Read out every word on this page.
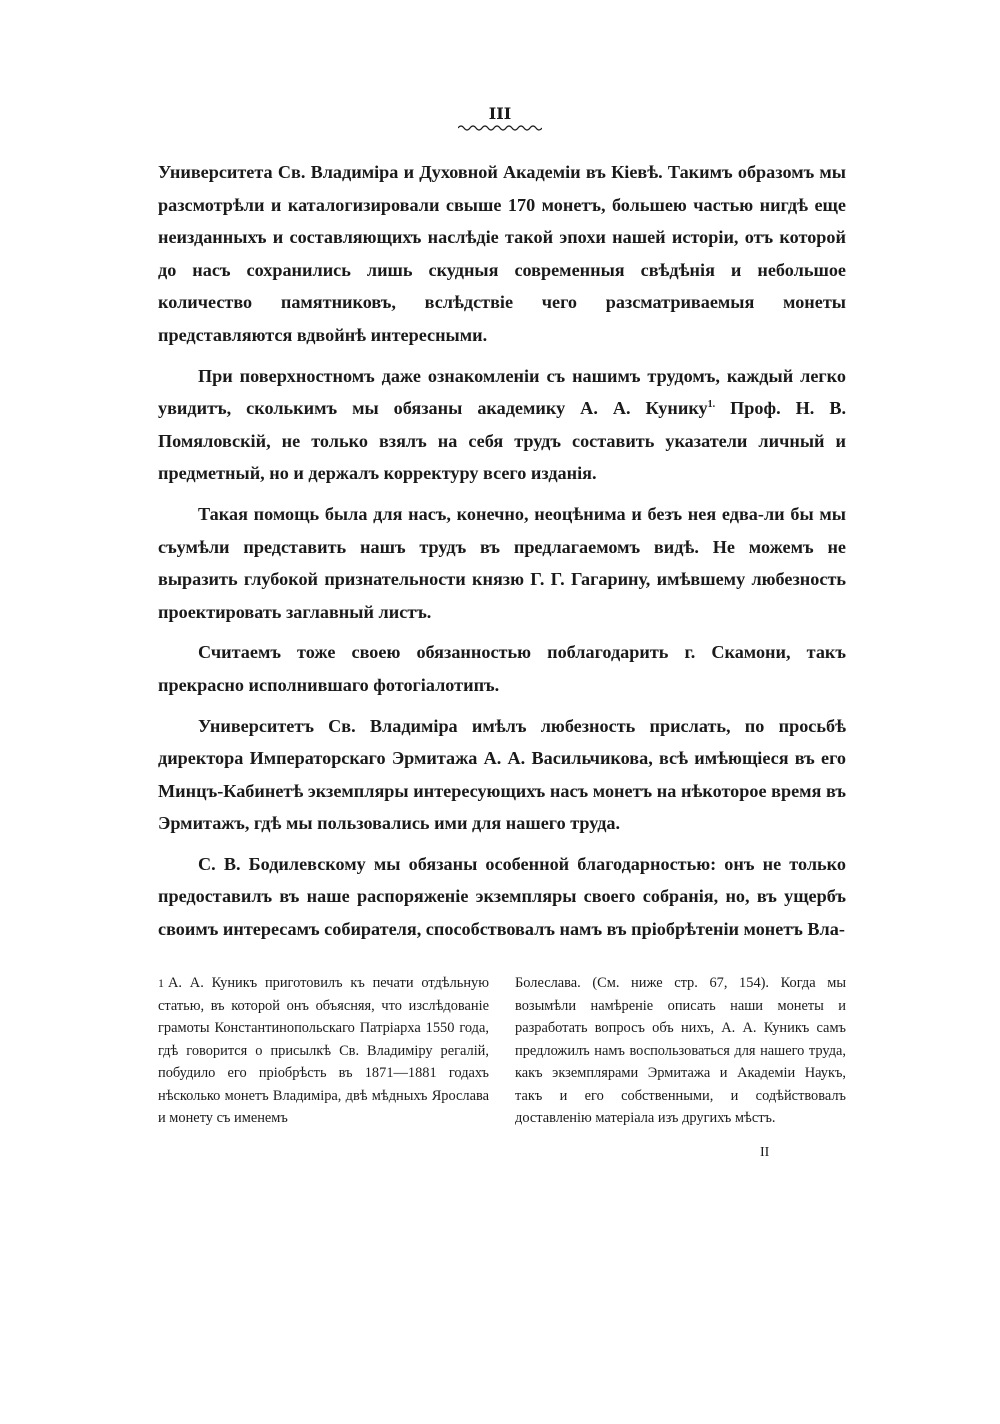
III

Университета Св. Владиміра и Духовной Академіи въ Кіевѣ. Такимъ образомъ мы разсмотрѣли и каталогизировали свыше 170 монетъ, большею частью нигдѣ еще неизданныхъ и составляющихъ наслѣдіе такой эпохи нашей исторіи, отъ которой до насъ сохранились лишь скудныя современныя свѣдѣнія и небольшое количество памятниковъ, вслѣдствіе чего разсматриваемыя монеты представляются вдвойнѣ интересными.

При поверхностномъ даже ознакомленіи съ нашимъ трудомъ, каждый легко увидитъ, сколькимъ мы обязаны академику А. А. Кунику$^{1.}$ Проф. Н. В. Помяловскій, не только взялъ на себя трудъ составить указатели личный и предметный, но и держалъ корректуру всего изданія.

Такая помощь была для насъ, конечно, неоцѣнима и безъ нея едва-ли бы мы съумѣли представить нашъ трудъ въ предлагаемомъ видѣ. Не можемъ не выразить глубокой признательности князю Г. Г. Гагарину, имѣвшему любезность проектировать заглавный листъ.

Считаемъ тоже своею обязанностью поблагодарить г. Скамони, такъ прекрасно исполнившаго фотогіалотипъ.

Университетъ Св. Владиміра имѣлъ любезность прислать, по просьбѣ директора Императорскаго Эрмитажа А. А. Васильчикова, всѣ имѣющіеся въ его Минцъ-Кабинетѣ экземпляры интересующихъ насъ монетъ на нѣкоторое время въ Эрмитажъ, гдѣ мы пользовались ими для нашего труда.

С. В. Бодилевскому мы обязаны особенной благодарностью: онъ не только предоставилъ въ наше распоряженіе экземпляры своего собранія, но, въ ущербъ своимъ интересамъ собирателя, способствовалъ намъ въ пріобрѣтеніи монетъ Вла-

1 А. А. Куникъ приготовилъ къ печати отдѣльную статью, въ которой онъ объясняя, что изслѣдованіе грамоты Константинопольскаго Патріарха 1550 года, гдѣ говорится о присылкѣ Св. Владиміру регалій, побудило его пріобрѣсть въ 1871—1881 годахъ нѣсколько монетъ Владиміра, двѣ мѣдныхъ Ярослава и монету съ именемъ

Болеслава. (См. ниже стр. 67, 154). Когда мы возымѣли намѣреніе описать наши монеты и разработать вопросъ объ нихъ, А. А. Куникъ самъ предложилъ намъ воспользоваться для нашего труда, какъ экземплярами Эрмитажа и Академіи Наукъ, такъ и его собственными, и содѣйствовалъ доставленію матеріала изъ другихъ мѣстъ.

II
